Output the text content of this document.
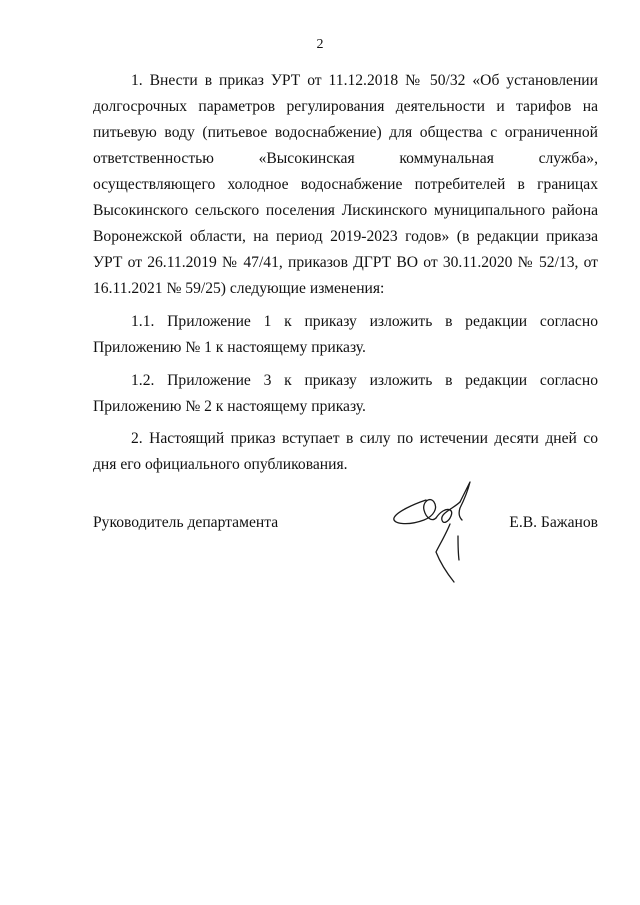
2

1. Внести в приказ УРТ от 11.12.2018 № 50/32 «Об установлении долгосрочных параметров регулирования деятельности и тарифов на питьевую воду (питьевое водоснабжение) для общества с ограниченной ответственностью «Высокинская коммунальная служба», осуществляющего холодное водоснабжение потребителей в границах Высокинского сельского поселения Лискинского муниципального района Воронежской области, на период 2019-2023 годов» (в редакции приказа УРТ от 26.11.2019 № 47/41, приказов ДГРТ ВО от 30.11.2020 № 52/13, от 16.11.2021 № 59/25) следующие изменения:

1.1. Приложение 1 к приказу изложить в редакции согласно Приложению № 1 к настоящему приказу.

1.2. Приложение 3 к приказу изложить в редакции согласно Приложению № 2 к настоящему приказу.

2. Настоящий приказ вступает в силу по истечении десяти дней со дня его официального опубликования.

Руководитель департамента	Е.В. Бажанов
